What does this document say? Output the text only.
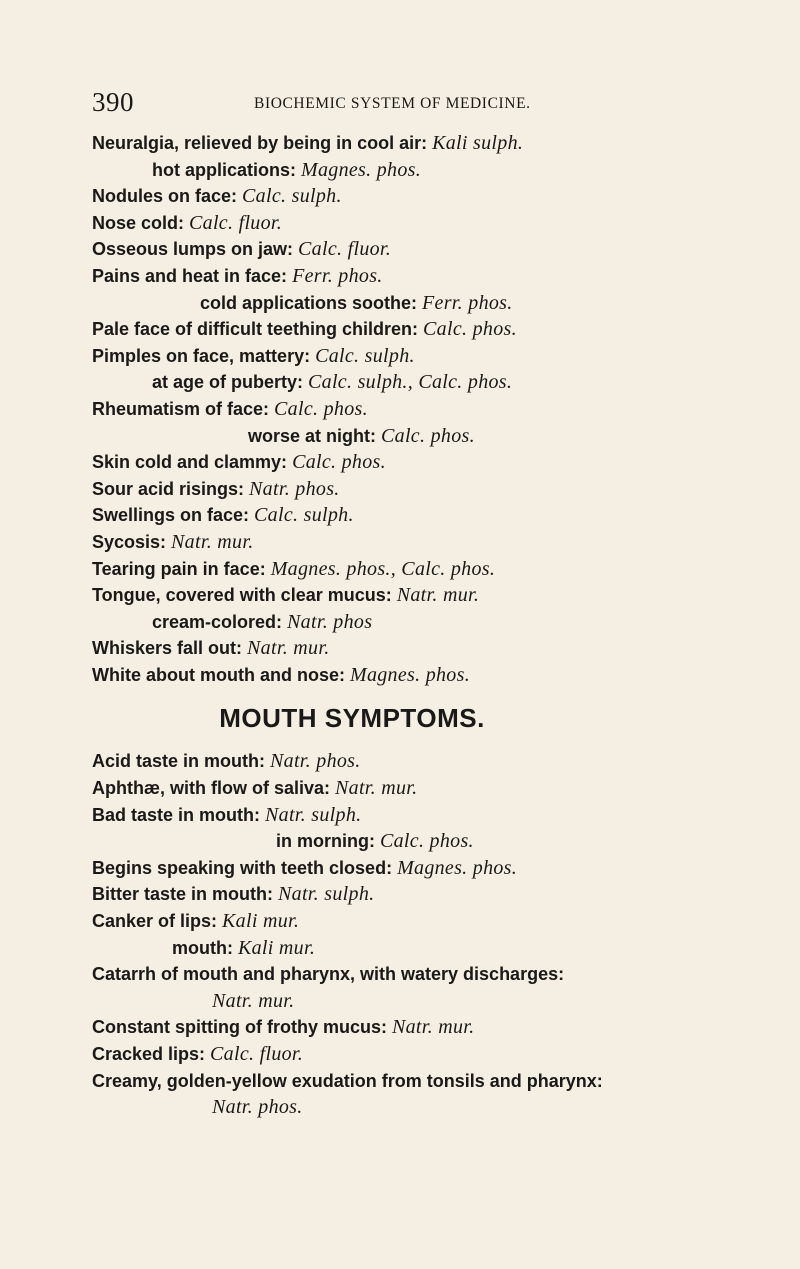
390	BIOCHEMIC SYSTEM OF MEDICINE.
Neuralgia, relieved by being in cool air: Kali sulph.
hot applications: Magnes. phos.
Nodules on face: Calc. sulph.
Nose cold: Calc. fluor.
Osseous lumps on jaw: Calc. fluor.
Pains and heat in face: Ferr. phos.
cold applications soothe: Ferr. phos.
Pale face of difficult teething children: Calc. phos.
Pimples on face, mattery: Calc. sulph.
at age of puberty: Calc. sulph., Calc. phos.
Rheumatism of face: Calc. phos.
worse at night: Calc. phos.
Skin cold and clammy: Calc. phos.
Sour acid risings: Natr. phos.
Swellings on face: Calc. sulph.
Sycosis: Natr. mur.
Tearing pain in face: Magnes. phos., Calc. phos.
Tongue, covered with clear mucus: Natr. mur.
cream-colored: Natr. phos
Whiskers fall out: Natr. mur.
White about mouth and nose: Magnes. phos.
MOUTH SYMPTOMS.
Acid taste in mouth: Natr. phos.
Aphthæ, with flow of saliva: Natr. mur.
Bad taste in mouth: Natr. sulph.
in morning: Calc. phos.
Begins speaking with teeth closed: Magnes. phos.
Bitter taste in mouth: Natr. sulph.
Canker of lips: Kali mur.
mouth: Kali mur.
Catarrh of mouth and pharynx, with watery discharges:
Natr. mur.
Constant spitting of frothy mucus: Natr. mur.
Cracked lips: Calc. fluor.
Creamy, golden-yellow exudation from tonsils and pharynx:
Natr. phos.
